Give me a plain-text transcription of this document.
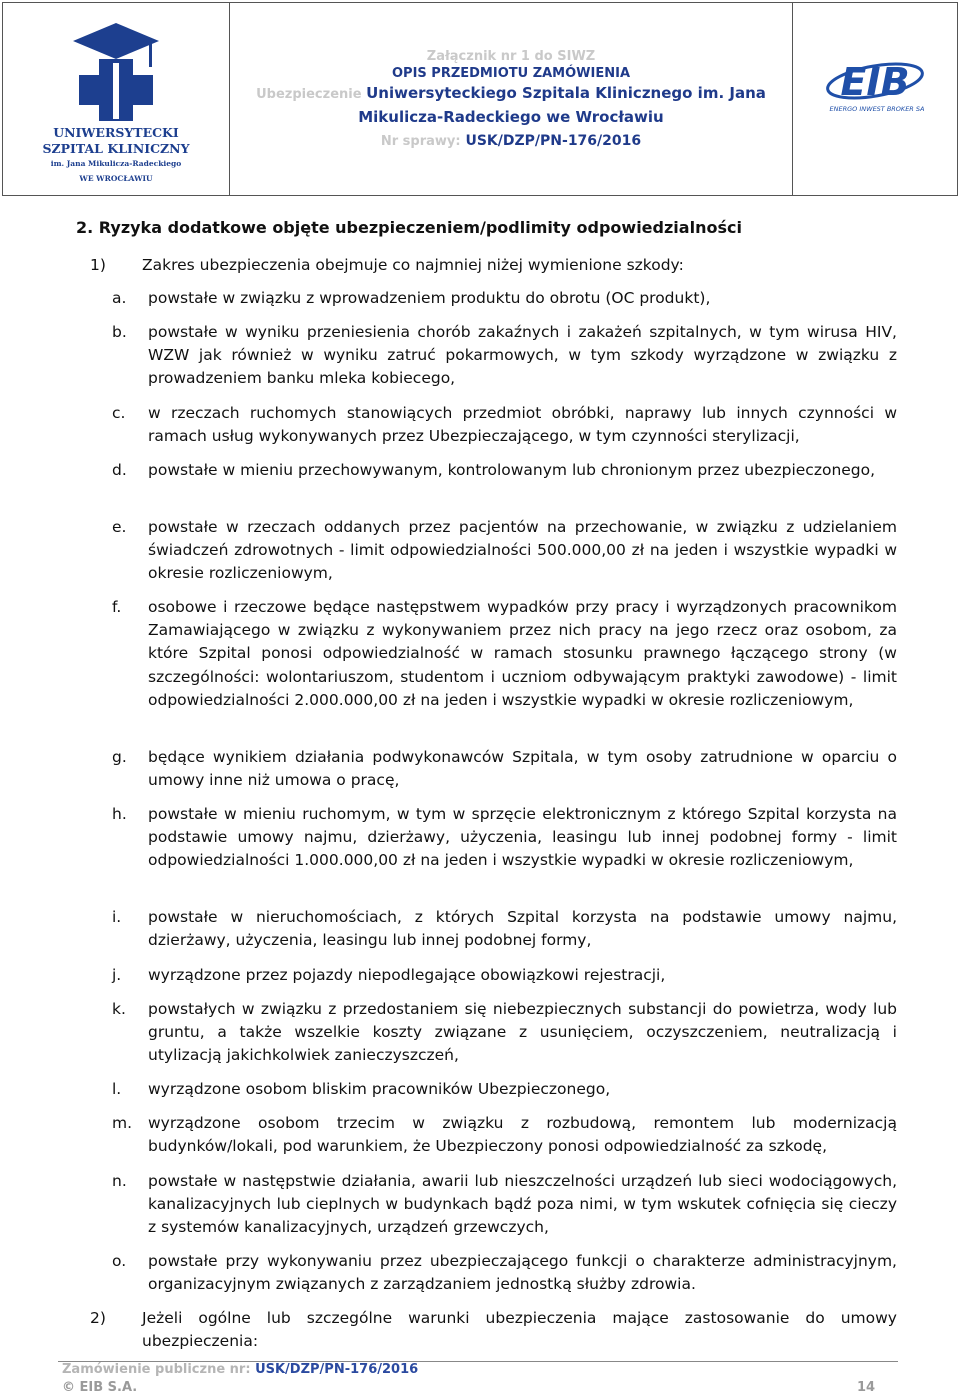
UNIWERSYTECKI
SZPITAL KLINICZNY
im. Jana Mikulicza-Radeckiego
WE WROCŁAWIU
Załącznik nr 1 do SIWZ
OPIS PRZEDMIOTU ZAMÓWIENIA
Ubezpieczenie Uniwersyteckiego Szpitala Klinicznego im. Jana
Mikulicza-Radeckiego we Wrocławiu
Nr sprawy: USK/DZP/PN-176/2016
EIB
ENERGO INWEST BROKER SA
2. Ryzyka dodatkowe objęte ubezpieczeniem/podlimity odpowiedzialności
1) Zakres ubezpieczenia obejmuje co najmniej niżej wymienione szkody:
a. powstałe w związku z wprowadzeniem produktu do obrotu (OC produkt),
b. powstałe w wyniku przeniesienia chorób zakaźnych i zakażeń szpitalnych, w tym wirusa HIV, WZW jak również w wyniku zatruć pokarmowych, w tym szkody wyrządzone w związku z prowadzeniem banku mleka kobiecego,
c. w rzeczach ruchomych stanowiących przedmiot obróbki, naprawy lub innych czynności w ramach usług wykonywanych przez Ubezpieczającego, w tym czynności sterylizacji,
d. powstałe w mieniu przechowywanym, kontrolowanym lub chronionym przez ubezpieczonego,
e. powstałe w rzeczach oddanych przez pacjentów na przechowanie, w związku z udzielaniem świadczeń zdrowotnych - limit odpowiedzialności 500.000,00 zł na jeden i wszystkie wypadki w okresie rozliczeniowym,
f. osobowe i rzeczowe będące następstwem wypadków przy pracy i wyrządzonych pracownikom Zamawiającego w związku z wykonywaniem przez nich pracy na jego rzecz oraz osobom, za które Szpital ponosi odpowiedzialność w ramach stosunku prawnego łączącego strony (w szczególności: wolontariuszom, studentom i uczniom odbywającym praktyki zawodowe) - limit odpowiedzialności 2.000.000,00 zł na jeden i wszystkie wypadki w okresie rozliczeniowym,
g. będące wynikiem działania podwykonawców Szpitala, w tym osoby zatrudnione w oparciu o umowy inne niż umowa o pracę,
h. powstałe w mieniu ruchomym, w tym w sprzęcie elektronicznym z którego Szpital korzysta na podstawie umowy najmu, dzierżawy, użyczenia, leasingu lub innej podobnej formy - limit odpowiedzialności 1.000.000,00 zł na jeden i wszystkie wypadki w okresie rozliczeniowym,
i. powstałe w nieruchomościach, z których Szpital korzysta na podstawie umowy najmu, dzierżawy, użyczenia, leasingu lub innej podobnej formy,
j. wyrządzone przez pojazdy niepodlegające obowiązkowi rejestracji,
k. powstałych w związku z przedostaniem się niebezpiecznych substancji do powietrza, wody lub gruntu, a także wszelkie koszty związane z usunięciem, oczyszczeniem, neutralizacją i utylizacją jakichkolwiek zanieczyszczeń,
l. wyrządzone osobom bliskim pracowników Ubezpieczonego,
m. wyrządzone osobom trzecim w związku z rozbudową, remontem lub modernizacją budynków/lokali, pod warunkiem, że Ubezpieczony ponosi odpowiedzialność za szkodę,
n. powstałe w następstwie działania, awarii lub nieszczelności urządzeń lub sieci wodociągowych, kanalizacyjnych lub cieplnych w budynkach bądź poza nimi, w tym wskutek cofnięcia się cieczy z systemów kanalizacyjnych, urządzeń grzewczych,
o. powstałe przy wykonywaniu przez ubezpieczającego funkcji o charakterze administracyjnym, organizacyjnym związanych z zarządzaniem jednostką służby zdrowia.
2) Jeżeli ogólne lub szczególne warunki ubezpieczenia mające zastosowanie do umowy ubezpieczenia:
Zamówienie publiczne nr: USK/DZP/PN-176/2016
© EIB S.A.	14
